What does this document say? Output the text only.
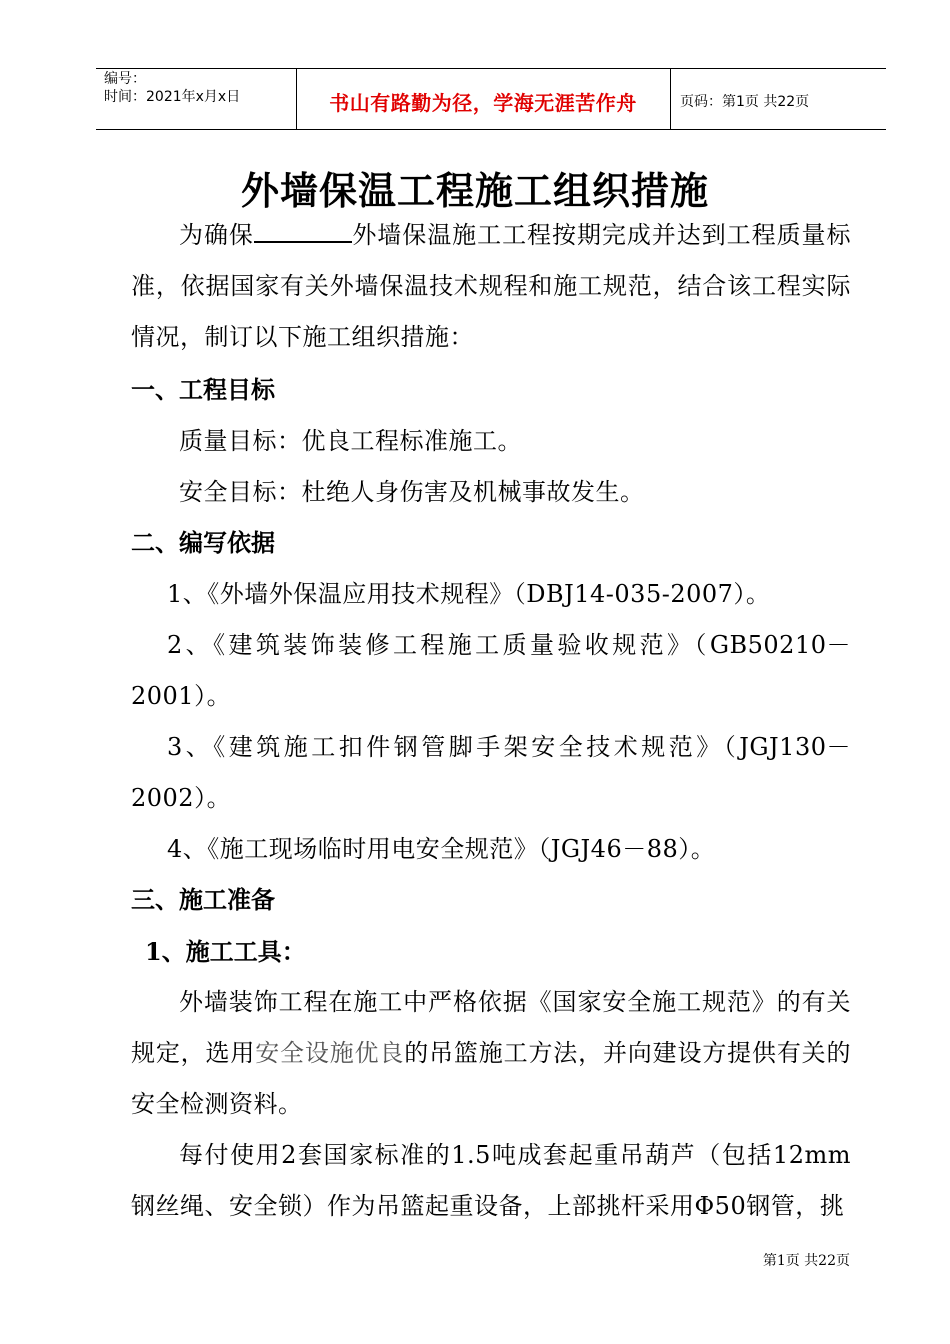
编号：
时间：2021年x月x日	书山有路勤为径，学海无涯苦作舟	页码：第1页 共22页
外墙保温工程施工组织措施

为确保	外墙保温施工工程按期完成并达到工程质量标准，依据国家有关外墙保温技术规程和施工规范，结合该工程实际情况，制订以下施工组织措施：

一、工程目标

质量目标：优良工程标准施工。

安全目标：杜绝人身伤害及机械事故发生。

二、编写依据

1、《外墙外保温应用技术规程》（DBJ14-035-2007）。

2、《建筑装饰装修工程施工质量验收规范》（GB50210－2001）。

3、《建筑施工扣件钢管脚手架安全技术规范》（JGJ130－2002）。

4、《施工现场临时用电安全规范》（JGJ46－88）。

三、施工准备

1、施工工具：

外墙装饰工程在施工中严格依据《国家安全施工规范》的有关规定，选用安全设施优良的吊篮施工方法，并向建设方提供有关的安全检测资料。

每付使用2套国家标准的1.5吨成套起重吊葫芦（包括12mm钢丝绳、安全锁）作为吊篮起重设备，上部挑杆采用Φ50钢管，挑

第1页 共22页
